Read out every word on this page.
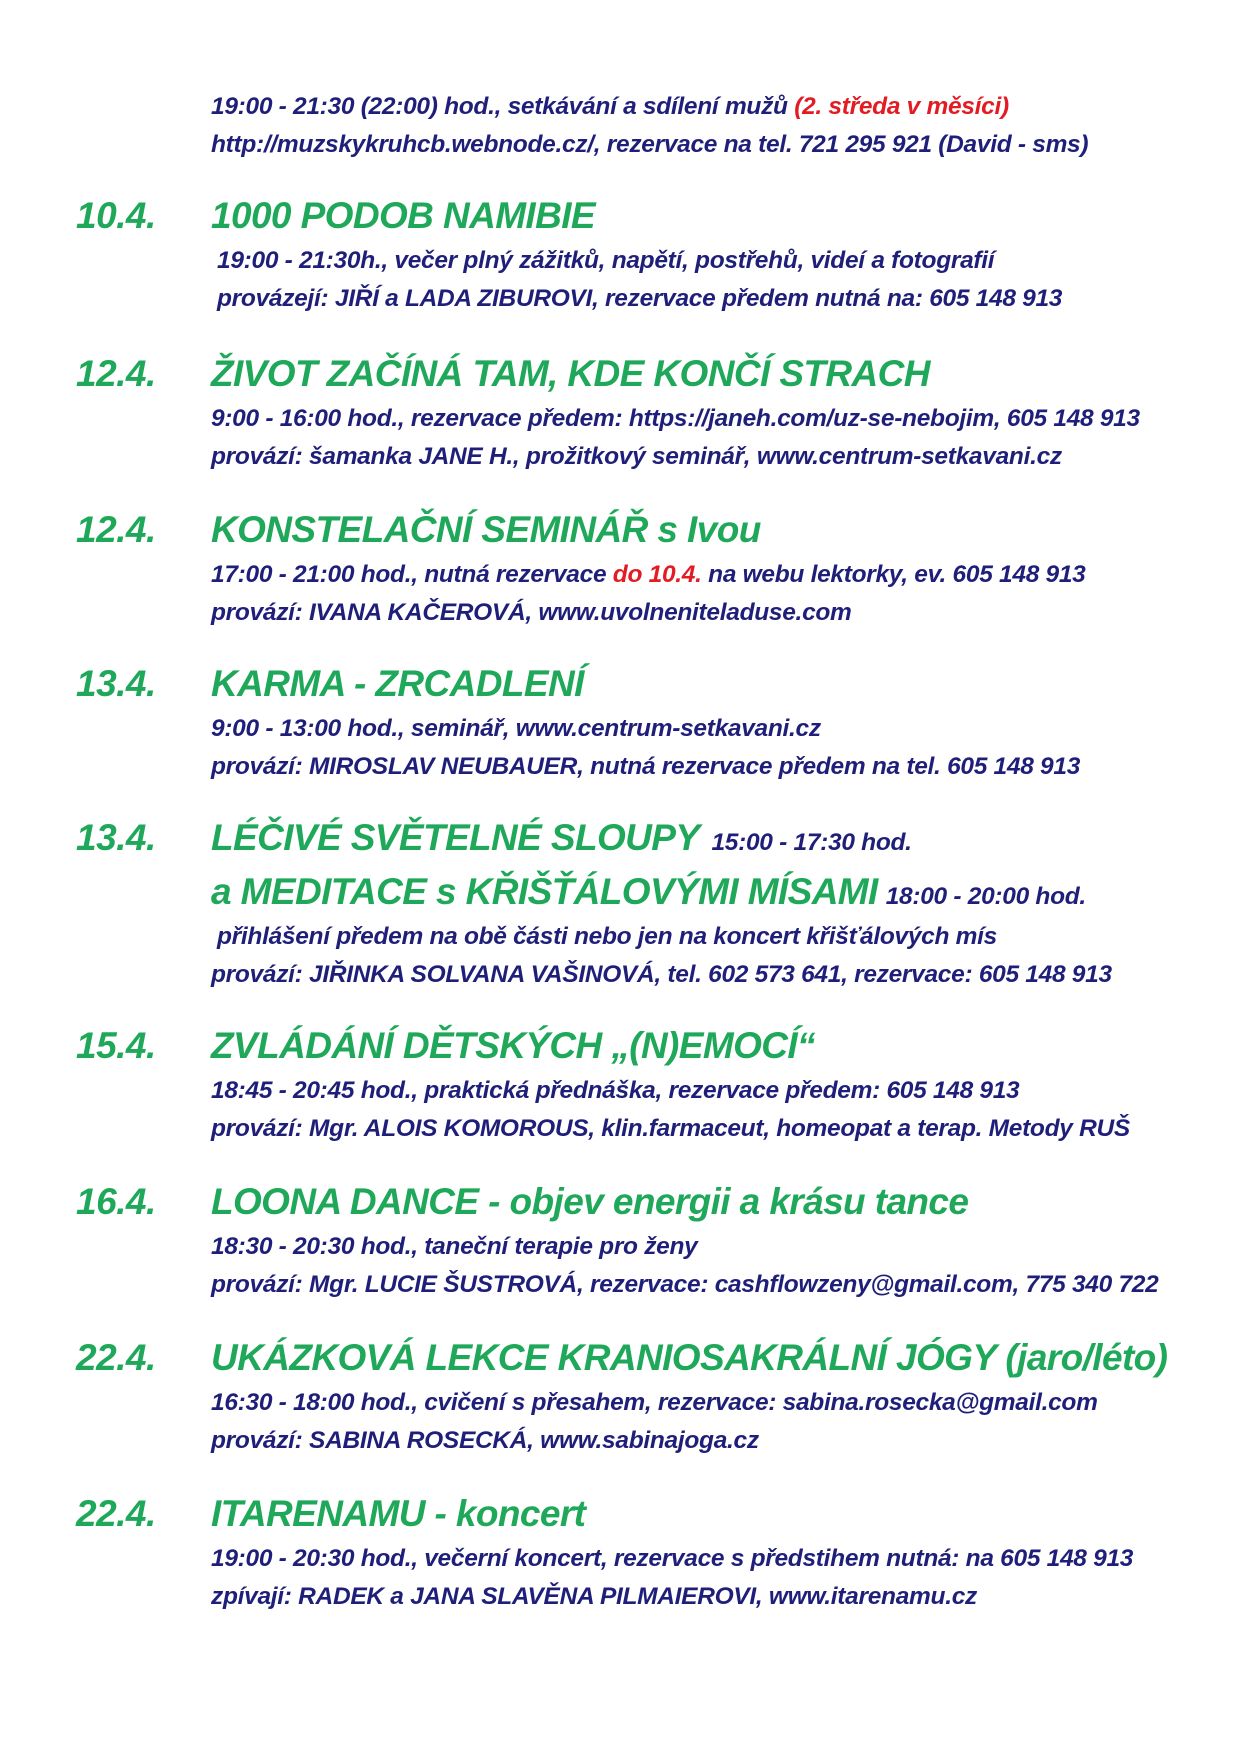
19:00 - 21:30 (22:00) hod., setkávání a sdílení mužů (2. středa v měsíci)
http://muzskykruhcb.webnode.cz/, rezervace na tel. 721 295 921 (David - sms)
10.4. 1000 PODOB NAMIBIE
19:00 - 21:30h., večer plný zážitků, napětí, postřehů, videí a fotografií
provázejí: JIŘÍ a LADA ZIBUROVI, rezervace předem nutná na: 605 148 913
12.4. ŽIVOT ZAČÍNÁ TAM, KDE KONČÍ STRACH
9:00 - 16:00 hod., rezervace předem: https://janeh.com/uz-se-nebojim, 605 148 913
provází: šamanka JANE H., prožitkový seminář, www.centrum-setkavani.cz
12.4. KONSTELAČNÍ SEMINÁŘ s Ivou
17:00 - 21:00 hod., nutná rezervace do 10.4. na webu lektorky, ev. 605 148 913
provází: IVANA KAČEROVÁ, www.uvolneniteladuse.com
13.4. KARMA - ZRCADLENÍ
9:00 - 13:00 hod., seminář, www.centrum-setkavani.cz
provází: MIROSLAV NEUBAUER, nutná rezervace předem na tel. 605 148 913
13.4. LÉČIVÉ SVĚTELNÉ SLOUPY 15:00 - 17:30 hod.
a MEDITACE s KŘIŠŤÁLOVÝMI MÍSAMI 18:00 - 20:00 hod.
přihlášení předem na obě části nebo jen na koncert křišťálových mís
provází: JIŘINKA SOLVANA VAŠINOVÁ, tel. 602 573 641, rezervace: 605 148 913
15.4. ZVLÁDÁNÍ DĚTSKÝCH „(N)EMOCÍ“
18:45 - 20:45 hod., praktická přednáška, rezervace předem: 605 148 913
provází: Mgr. ALOIS KOMOROUS, klin.farmaceut, homeopat a terap. Metody RUŠ
16.4. LOONA DANCE - objev energii a krásu tance
18:30 - 20:30 hod., taneční terapie pro ženy
provází: Mgr. LUCIE ŠUSTROVÁ, rezervace: cashflowzeny@gmail.com, 775 340 722
22.4. UKÁZKOVÁ LEKCE KRANIOSAKRÁLNÍ JÓGY (jaro/léto)
16:30 - 18:00 hod., cvičení s přesahem, rezervace: sabina.rosecka@gmail.com
provází: SABINA ROSECKÁ, www.sabinajoga.cz
22.4. ITARENAMU - koncert
19:00 - 20:30 hod., večerní koncert, rezervace s předstihem nutná: na 605 148 913
zpívají: RADEK a JANA SLAVĚNA PILMAIEROVI, www.itarenamu.cz
